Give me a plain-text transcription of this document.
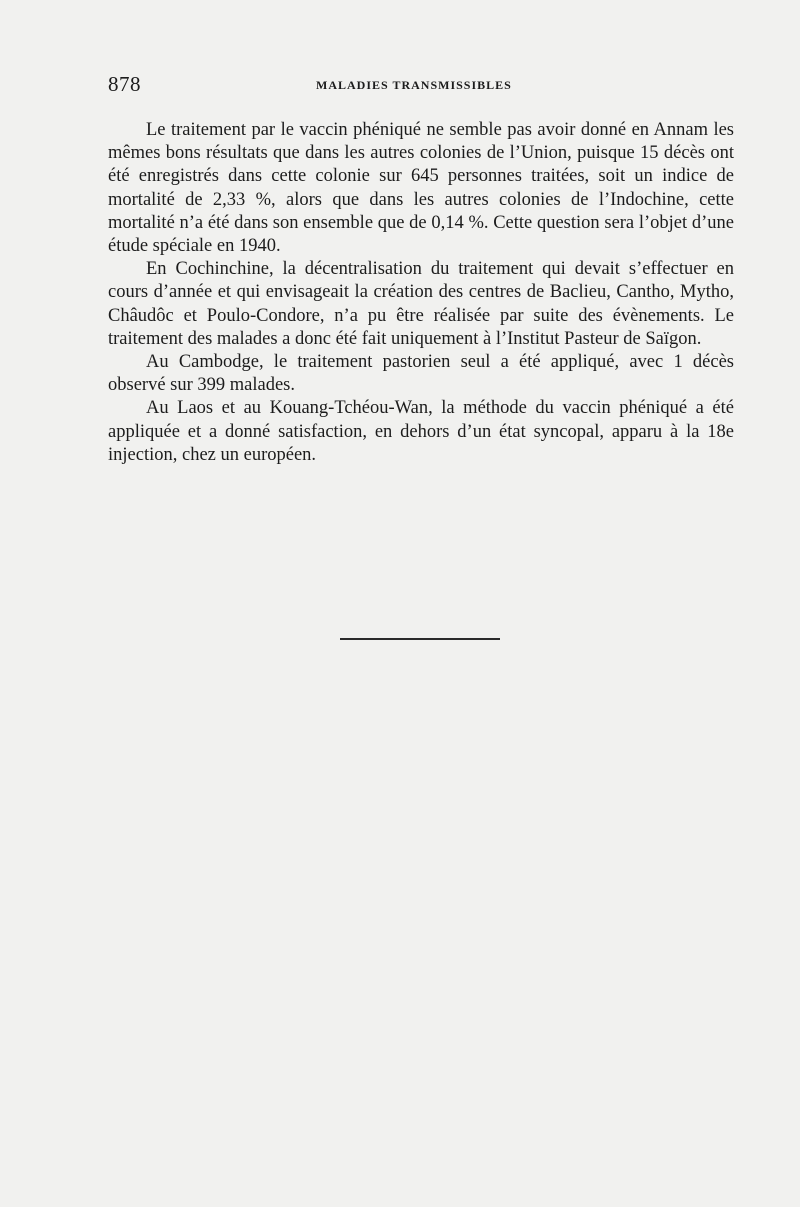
878	MALADIES TRANSMISSIBLES

Le traitement par le vaccin phéniqué ne semble pas avoir donné en Annam les mêmes bons résultats que dans les autres colonies de l’Union, puisque 15 décès ont été enregistrés dans cette colonie sur 645 personnes traitées, soit un indice de mortalité de 2,33 %, alors que dans les autres colonies de l’Indochine, cette mortalité n’a été dans son ensemble que de 0,14 %. Cette question sera l’objet d’une étude spéciale en 1940.

En Cochinchine, la décentralisation du traitement qui devait s’effectuer en cours d’année et qui envisageait la création des centres de Baclieu, Cantho, Mytho, Châudôc et Poulo-Condore, n’a pu être réalisée par suite des évènements. Le traitement des malades a donc été fait uniquement à l’Institut Pasteur de Saïgon.

Au Cambodge, le traitement pastorien seul a été appliqué, avec 1 décès observé sur 399 malades.

Au Laos et au Kouang-Tchéou-Wan, la méthode du vaccin phéniqué a été appliquée et a donné satisfaction, en dehors d’un état syncopal, apparu à la 18e injection, chez un européen.
